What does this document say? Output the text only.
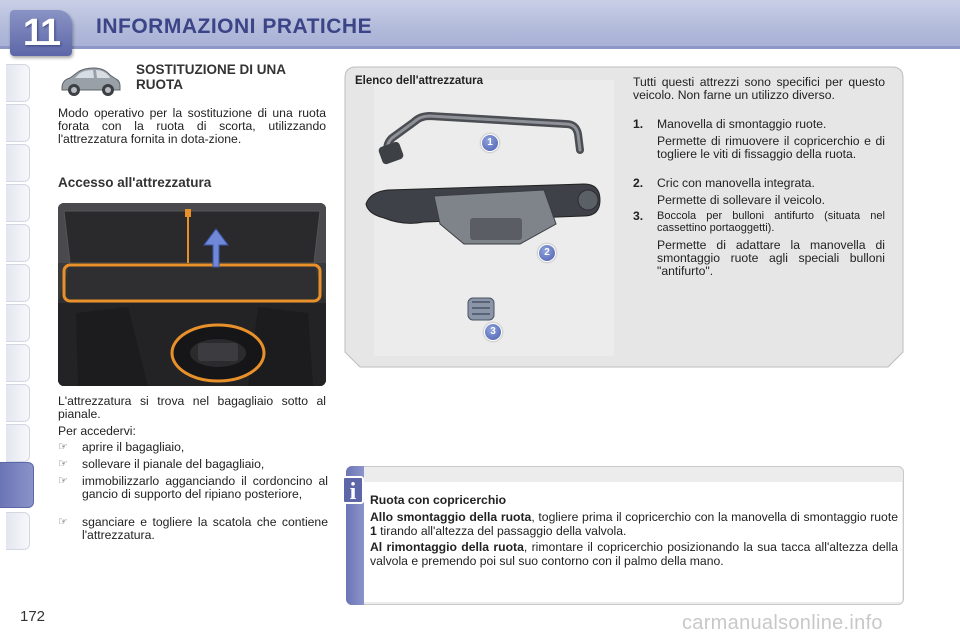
11	INFORMAZIONI PRATICHE
SOSTITUZIONE DI UNA RUOTA
Modo operativo per la sostituzione di una ruota forata con la ruota di scorta, utilizzando l'attrezzatura fornita in dota-zione.
Accesso all'attrezzatura
L'attrezzatura si trova nel bagagliaio sotto al pianale.
Per accedervi:
☞	aprire il bagagliaio,
☞	sollevare il pianale del bagagliaio,
☞	immobilizzarlo agganciando il cordoncino al gancio di supporto del ripiano posteriore,
☞	sganciare e togliere la scatola che contiene l'attrezzatura.
1
2
3
Elenco dell'attrezzatura	Tutti questi attrezzi sono specifici per questo veicolo. Non farne un utilizzo diverso.
1. Manovella di smontaggio ruote.
Permette di rimuovere il copricerchio e di togliere le viti di fissaggio della ruota.
2. Cric con manovella integrata.
Permette di sollevare il veicolo.
3. Boccola per bulloni antifurto (situata nel cassettino portaoggetti).
Permette di adattare la manovella di smontaggio ruote agli speciali bulloni "antifurto".
i	Ruota con copricerchio
Allo smontaggio della ruota, togliere prima il copricerchio con la manovella di smontaggio ruote 1 tirando all'altezza del passaggio della valvola.
Al rimontaggio della ruota, rimontare il copricerchio posizionando la sua tacca all'altezza della valvola e premendo poi sul suo contorno con il palmo della mano.
172	carmanualsonline.info
